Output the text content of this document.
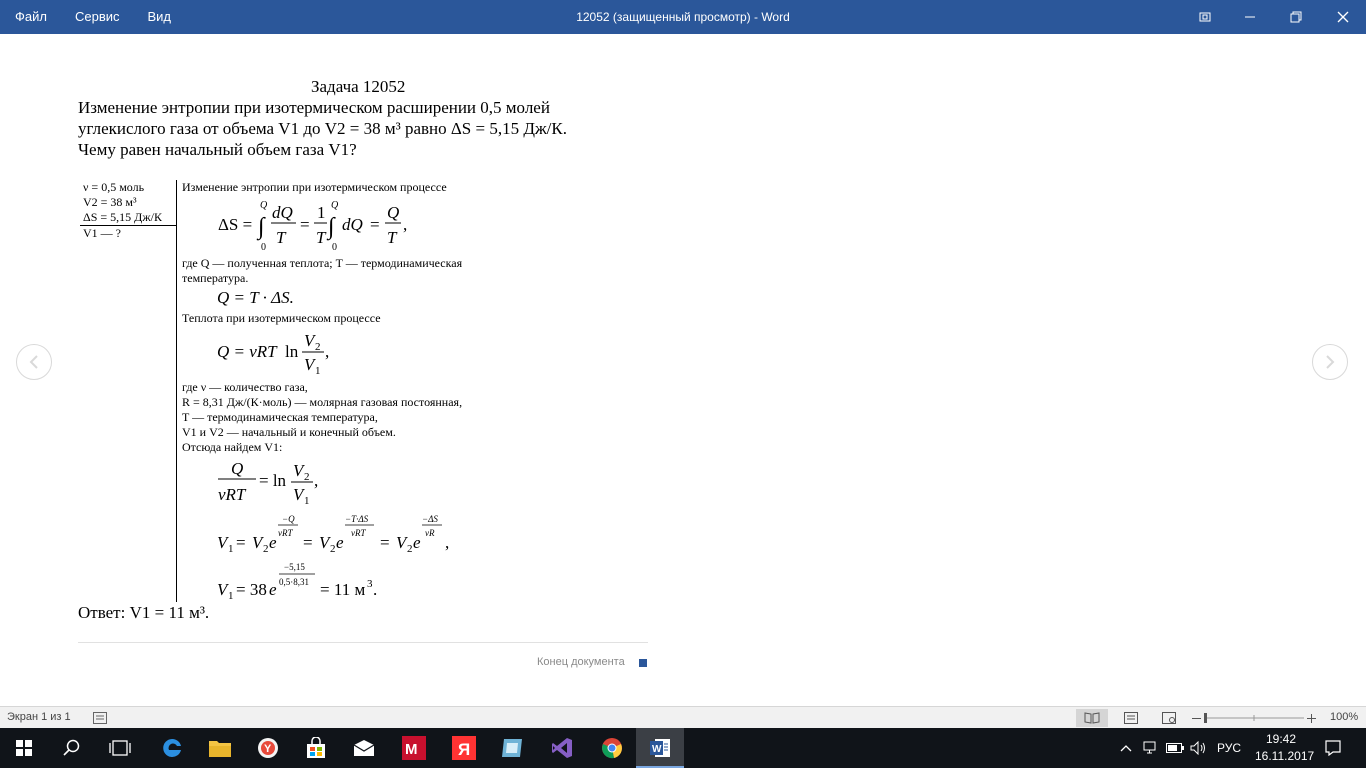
Файл	Сервис	Вид	12052 (защищенный просмотр) - Word
Задача 12052
Изменение энтропии при изотермическом расширении 0,5 молей
углекислого газа от объема V1 до V2 = 38 м³ равно ΔS = 5,15 Дж/К.
Чему равен начальный объем газа V1?
ν = 0,5 моль
V2 = 38 м³
ΔS = 5,15 Дж/К
V1 — ?
Изменение энтропии при изотермическом процессе
ΔS = ∫
Q
0
dQ
T
=
1
T ∫
Q
0
dQ =
Q
T
,
где Q — полученная теплота; T — термодинамическая
температура.
Q = T · ΔS.
Теплота при изотермическом процессе
Q = νRT ln
V 2
V 1
,
где ν — количество газа,
R = 8,31 Дж/(К·моль) — молярная газовая постоянная,
T — термодинамическая температура,
V1 и V2 — начальный и конечный объем.
Отсюда найдем V1:
Q
νRT
= ln
V 2
V 1
,
V 1 = V 2 e
−Q
νRT = V 2 e
−T·ΔS
νRT = V 2 e
−ΔS
νR ,
V 1 = 38 e
−5,15
0,5·8,31 = 11 м 3 .
Ответ: V1 = 11 м³.
Конец документа
Экран 1 из 1	100%
Y	M Я	W	РУС
19:42
16.11.2017
